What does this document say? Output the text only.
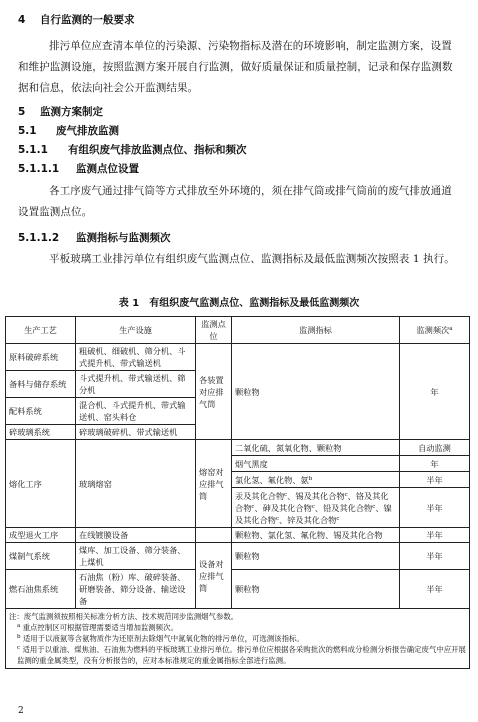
4 自行监测的一般要求
排污单位应查清本单位的污染源、污染物指标及潜在的环境影响，制定监测方案，设置和维护监测设施，按照监测方案开展自行监测，做好质量保证和质量控制，记录和保存监测数据和信息，依法向社会公开监测结果。
5 监测方案制定
5.1 废气排放监测
5.1.1 有组织废气排放监测点位、指标和频次
5.1.1.1 监测点位设置
各工序废气通过排气筒等方式排放至外环境的，须在排气筒或排气筒前的废气排放通道设置监测点位。
5.1.1.2 监测指标与监测频次
平板玻璃工业排污单位有组织废气监测点位、监测指标及最低监测频次按照表 1 执行。
表 1　有组织废气监测点位、监测指标及最低监测频次
生产工艺	生产设施	监测点位	监测指标	监测频次$^a$
原料破碎系统	粗破机、细破机、筛分机、斗式提升机、带式输送机	各装置对应排气筒	颗粒物	年
备料与储存系统	斗式提升机、带式输送机、筛分机			
配料系统	混合机、斗式提升机、带式输送机、窑头料仓			
碎玻璃系统	碎玻璃破碎机、带式输送机			
熔化工序	玻璃熔窑	熔窑对应排气筒	二氧化硫、氮氧化物、颗粒物	自动监测
			烟气黑度	年
			氯化氢、氟化物、氨$^b$	半年
			汞及其化合物$^c$、锡及其化合物$^c$、铬及其化合物$^c$、砷及其化合物$^c$、铅及其化合物$^c$、镍及其化合物$^c$、锌及其化合物$^c$	半年
成型退火工序	在线镀膜设备		颗粒物、氯化氢、氟化物、锡及其化合物	半年
煤制气系统	煤库、加工设备、筛分装备、上煤机	设备对应排气筒	颗粒物	半年
燃石油焦系统	石油焦（粉）库、破碎装备、研磨装备、筛分设备、输送设备		颗粒物	半年

注：废气监测须按照相关标准分析方法、技术规范同步监测烟气参数。
$^a$ 重点控制区可根据管理需要适当增加监测频次。
$^b$ 适用于以液氨等含氨物质作为还原剂去除烟气中氮氧化物的排污单位，可选测该指标。
$^c$ 适用于以重油、煤焦油、石油焦为燃料的平板玻璃工业排污单位。排污单位应根据各采购批次的燃料成分检测分析报告确定废气中应开展监测的重金属类型，没有分析报告的，应对本标准规定的重金属指标全部进行监测。				
2
